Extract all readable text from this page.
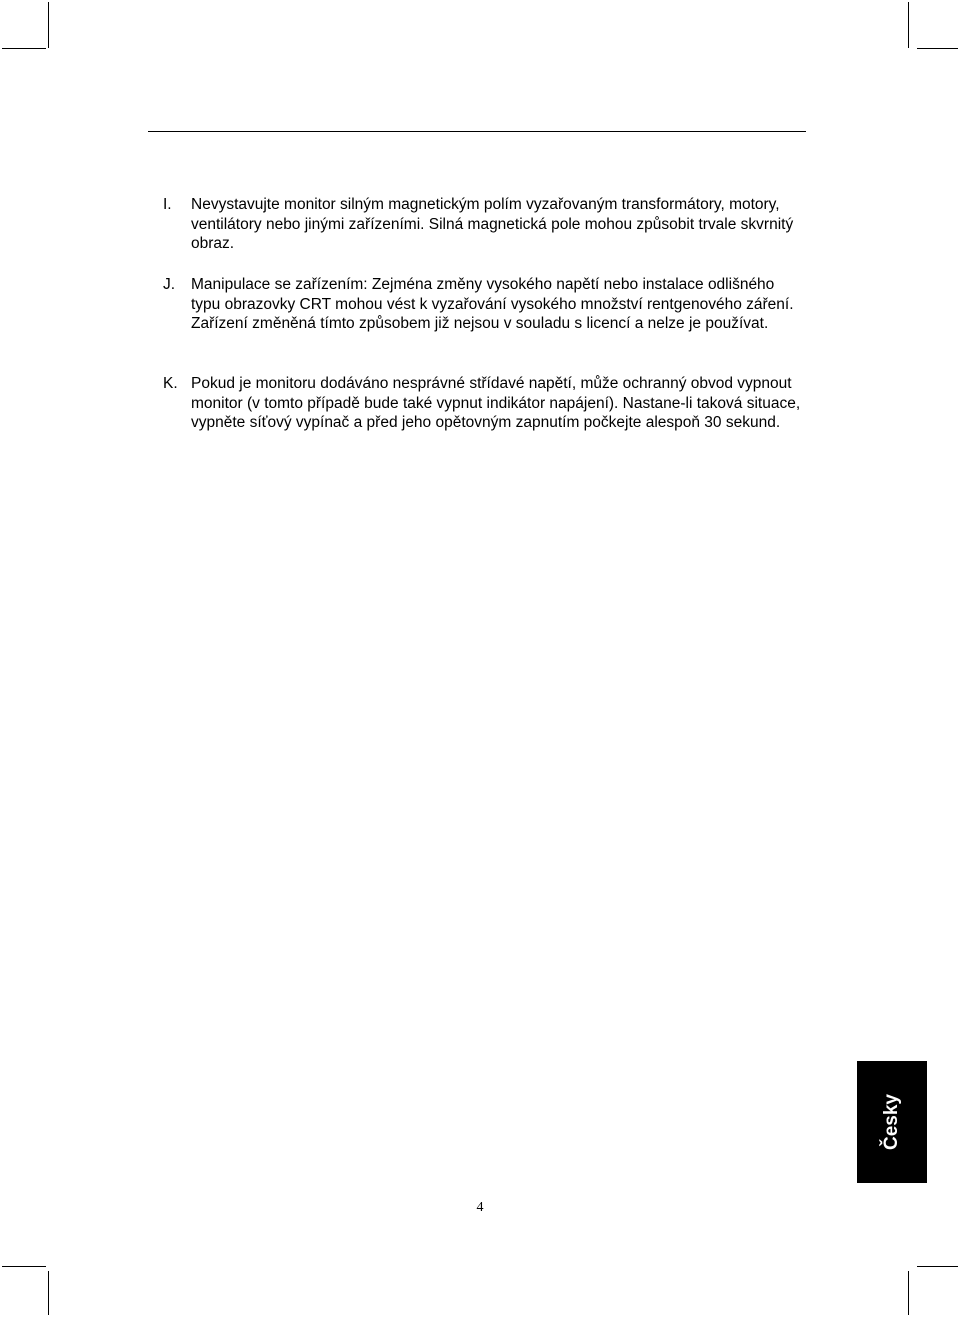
I. Nevystavujte monitor silným magnetickým polím vyzařovaným transformátory, motory, ventilátory nebo jinými zařízeními. Silná magnetická pole mohou způsobit trvale skvrnitý obraz.
J. Manipulace se zařízením: Zejména změny vysokého napětí nebo instalace odlišného typu obrazovky CRT mohou vést k vyzařování vysokého množství rentgenového záření. Zařízení změněná tímto způsobem již nejsou v souladu s licencí a nelze je používat.
K. Pokud je monitoru dodáváno nesprávné střídavé napětí, může ochranný obvod vypnout monitor (v tomto případě bude také vypnut indikátor napájení). Nastane-li taková situace, vypněte síťový vypínač a před jeho opětovným zapnutím počkejte alespoň 30 sekund.
Česky
4
